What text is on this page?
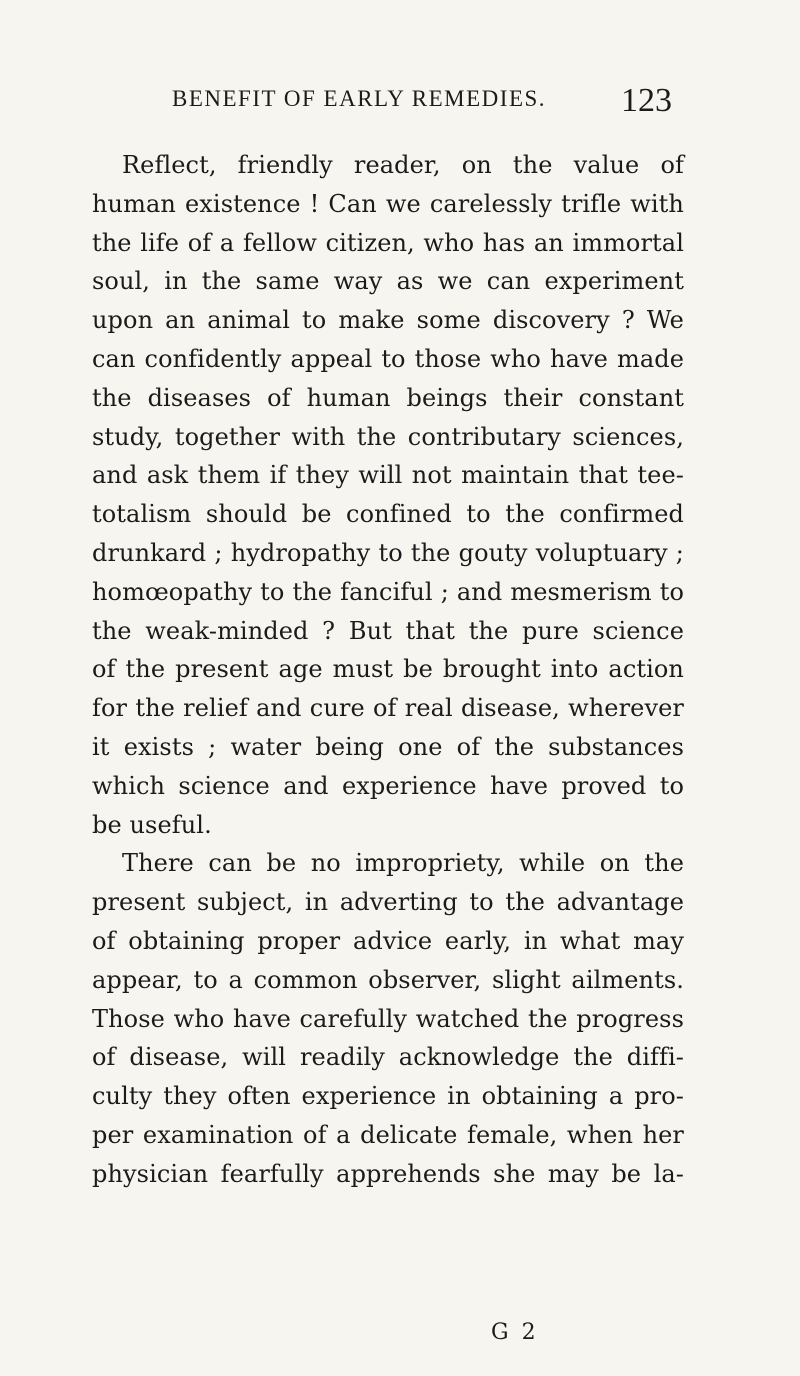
BENEFIT OF EARLY REMEDIES. 123
Reflect, friendly reader, on the value of
human existence ! Can we carelessly trifle with
the life of a fellow citizen, who has an immortal
soul, in the same way as we can experiment
upon an animal to make some discovery ? We
can confidently appeal to those who have made
the diseases of human beings their constant
study, together with the contributary sciences,
and ask them if they will not maintain that tee-
totalism should be confined to the confirmed
drunkard ; hydropathy to the gouty voluptuary ;
homœopathy to the fanciful ; and mesmerism to
the weak-minded ? But that the pure science
of the present age must be brought into action
for the relief and cure of real disease, wherever
it exists ; water being one of the substances
which science and experience have proved to
be useful.
There can be no impropriety, while on the
present subject, in adverting to the advantage
of obtaining proper advice early, in what may
appear, to a common observer, slight ailments.
Those who have carefully watched the progress
of disease, will readily acknowledge the diffi-
culty they often experience in obtaining a pro-
per examination of a delicate female, when her
physician fearfully apprehends she may be la-
G 2
